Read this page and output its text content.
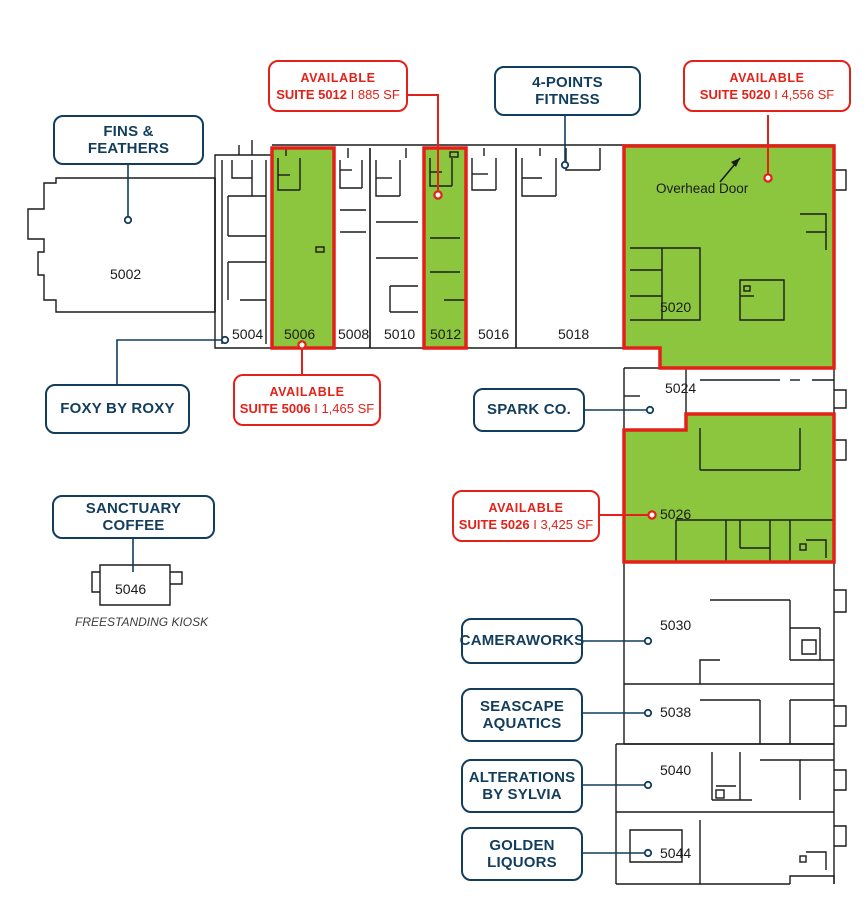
FINS & FEATHERS
FOXY BY ROXY
SANCTUARY COFFEE
4-POINTS FITNESS
SPARK CO.
CAMERAWORKS
SEASCAPE AQUATICS
ALTERATIONS BY SYLVIA
GOLDEN LIQUORS
AVAILABLE
SUITE 5012 I 885 SF
AVAILABLE
SUITE 5020 I 4,556 SF
AVAILABLE
SUITE 5006 I 1,465 SF
AVAILABLE
SUITE 5026 I 3,425 SF
5002
5004 5006 5008 5010 5012 5016	5018
5020
5024
5026
5030
5038
5040
5044
5046
Overhead Door
FREESTANDING KIOSK
